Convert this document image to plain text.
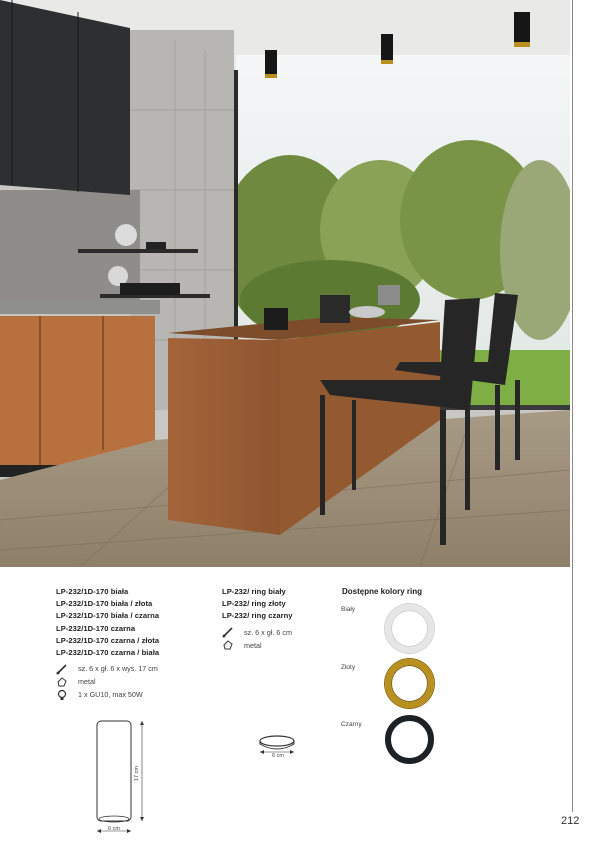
LP-232/1D-170 biała
LP-232/1D-170 biała / złota
LP-232/1D-170 biała / czarna
LP-232/1D-170 czarna
LP-232/1D-170 czarna / złota
LP-232/1D-170 czarna / biała
sz. 6 x gł. 6 x wys. 17 cm
metal
1 x GU10, max 50W
17 cm
6 cm
LP-232/ ring biały
LP-232/ ring złoty
LP-232/ ring czarny
sz. 6 x gł. 6 cm
metal
6 cm
Dostępne kolory ring
Biały
Złoty
Czarny
212
